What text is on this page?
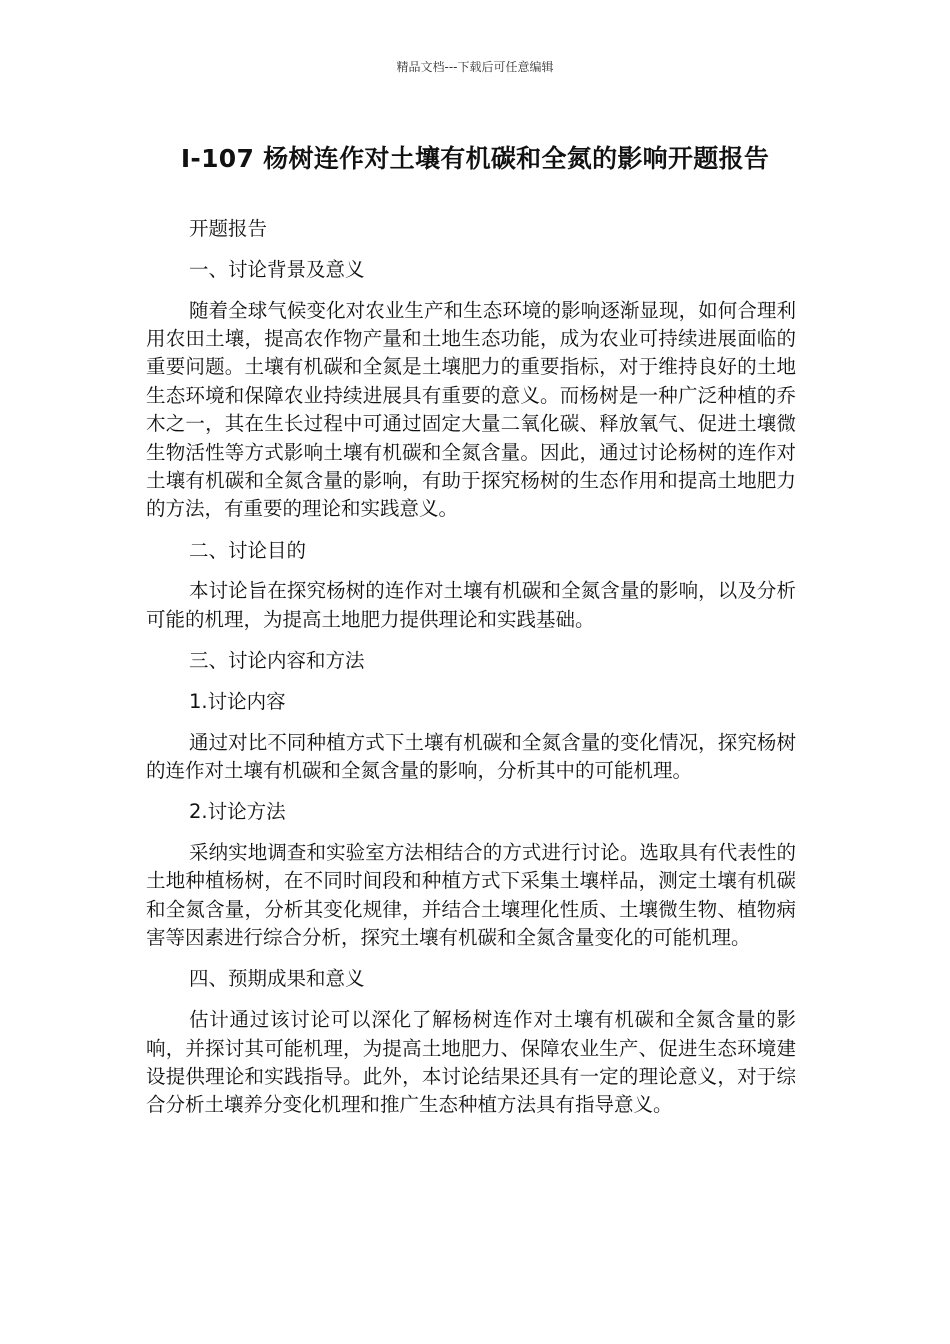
精品文档---下载后可任意编辑
I-107 杨树连作对土壤有机碳和全氮的影响开题报告

开题报告

一、讨论背景及意义

随着全球气候变化对农业生产和生态环境的影响逐渐显现，如何合理利用农田土壤，提高农作物产量和土地生态功能，成为农业可持续进展面临的重要问题。土壤有机碳和全氮是土壤肥力的重要指标，对于维持良好的土地生态环境和保障农业持续进展具有重要的意义。而杨树是一种广泛种植的乔木之一，其在生长过程中可通过固定大量二氧化碳、释放氧气、促进土壤微生物活性等方式影响土壤有机碳和全氮含量。因此，通过讨论杨树的连作对土壤有机碳和全氮含量的影响，有助于探究杨树的生态作用和提高土地肥力的方法，有重要的理论和实践意义。

二、讨论目的

本讨论旨在探究杨树的连作对土壤有机碳和全氮含量的影响，以及分析可能的机理，为提高土地肥力提供理论和实践基础。

三、讨论内容和方法

1.讨论内容

通过对比不同种植方式下土壤有机碳和全氮含量的变化情况，探究杨树的连作对土壤有机碳和全氮含量的影响，分析其中的可能机理。

2.讨论方法

采纳实地调查和实验室方法相结合的方式进行讨论。选取具有代表性的土地种植杨树，在不同时间段和种植方式下采集土壤样品，测定土壤有机碳和全氮含量，分析其变化规律，并结合土壤理化性质、土壤微生物、植物病害等因素进行综合分析，探究土壤有机碳和全氮含量变化的可能机理。

四、预期成果和意义

估计通过该讨论可以深化了解杨树连作对土壤有机碳和全氮含量的影响，并探讨其可能机理，为提高土地肥力、保障农业生产、促进生态环境建设提供理论和实践指导。此外，本讨论结果还具有一定的理论意义，对于综合分析土壤养分变化机理和推广生态种植方法具有指导意义。
